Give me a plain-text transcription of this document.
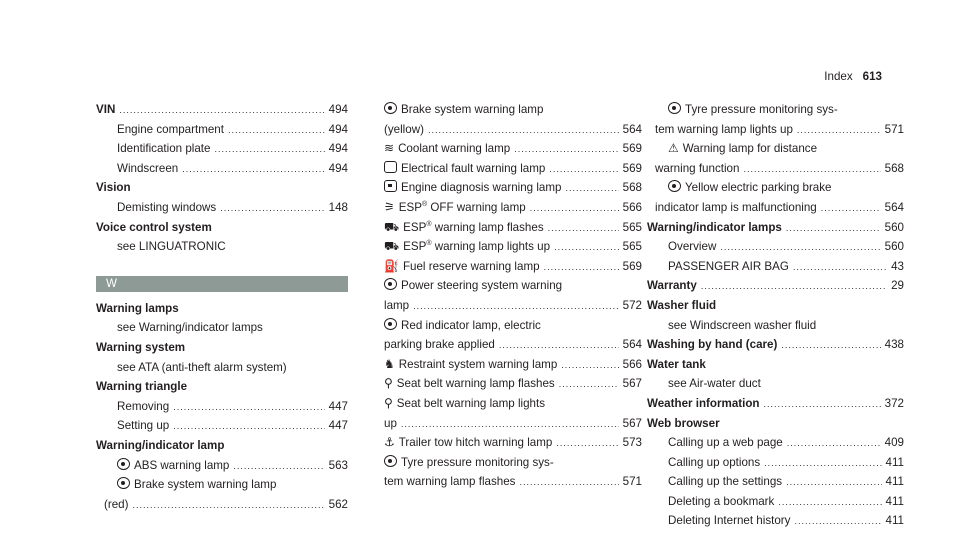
Index 613
VIN .....	494
Engine compartment .....	494
Identification plate .....	494
Windscreen .....	494
Vision
Demisting windows .....	148
Voice control system
see LINGUATRONIC
W
Warning lamps
see Warning/indicator lamps
Warning system
see ATA (anti-theft alarm system)
Warning triangle
Removing .....	447
Setting up .....	447
Warning/indicator lamp
ABS warning lamp .....	563
Brake system warning lamp
(red) .....	562
Brake system warning lamp
(yellow) .....	564
≋ Coolant warning lamp .....	569
Electrical fault warning lamp .....	569
Engine diagnosis warning lamp .....	568
⚞ ESP® OFF warning lamp .....	566
⛟ ESP® warning lamp flashes .....	565
⛟ ESP® warning lamp lights up .....	565
⛽ Fuel reserve warning lamp .....	569
Power steering system warning
lamp .....	572
Red indicator lamp, electric
parking brake applied .....	564
♞ Restraint system warning lamp .....	566
⚲ Seat belt warning lamp flashes .....	567
⚲ Seat belt warning lamp lights
up .....	567
⚓ Trailer tow hitch warning lamp .....	573
Tyre pressure monitoring sys-
tem warning lamp flashes .....	571
Tyre pressure monitoring sys-
tem warning lamp lights up .....	571
⚠ Warning lamp for distance
warning function .....	568
Yellow electric parking brake
indicator lamp is malfunctioning .....	564
Warning/indicator lamps .....	560
Overview .....	560
PASSENGER AIR BAG .....	43
Warranty .....	29
Washer fluid
see Windscreen washer fluid
Washing by hand (care) .....	438
Water tank
see Air-water duct
Weather information .....	372
Web browser
Calling up a web page .....	409
Calling up options .....	411
Calling up the settings .....	411
Deleting a bookmark .....	411
Deleting Internet history .....	411
